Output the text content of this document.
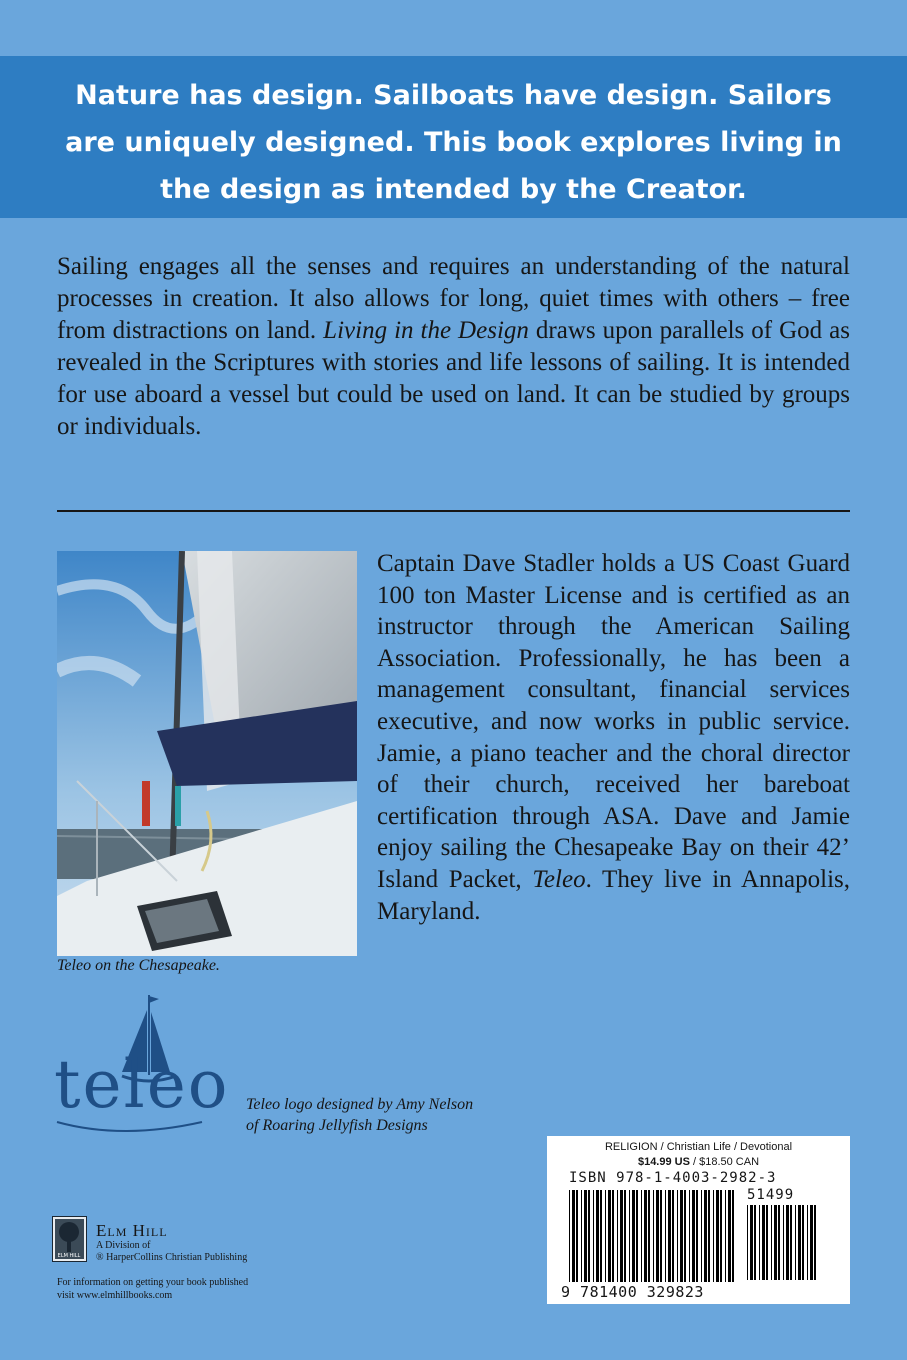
Nature has design. Sailboats have design. Sailors are uniquely designed. This book explores living in the design as intended by the Creator.

Sailing engages all the senses and requires an understanding of the natural processes in creation. It also allows for long, quiet times with others – free from distractions on land. Living in the Design draws upon parallels of God as revealed in the Scriptures with stories and life lessons of sailing. It is intended for use aboard a vessel but could be used on land. It can be studied by groups or individuals.

Teleo on the Chesapeake.

Captain Dave Stadler holds a US Coast Guard 100 ton Master License and is certified as an instructor through the American Sailing Association. Professionally, he has been a management consultant, financial services executive, and now works in public service. Jamie, a piano teacher and the choral director of their church, received her bareboat certification through ASA. Dave and Jamie enjoy sailing the Chesapeake Bay on their 42’ Island Packet, Teleo. They live in Annapolis, Maryland.

teleo Teleo logo designed by Amy Nelson
of Roaring Jellyfish Designs
RELIGION / Christian Life / Devotional
$14.99 US / $18.50 CAN
ISBN 978-1-4003-2982-3
51499
9 781400 329823
ELM HILL
Elm Hill
A Division of
® HarperCollins Christian Publishing
For information on getting your book published
visit www.elmhillbooks.com
